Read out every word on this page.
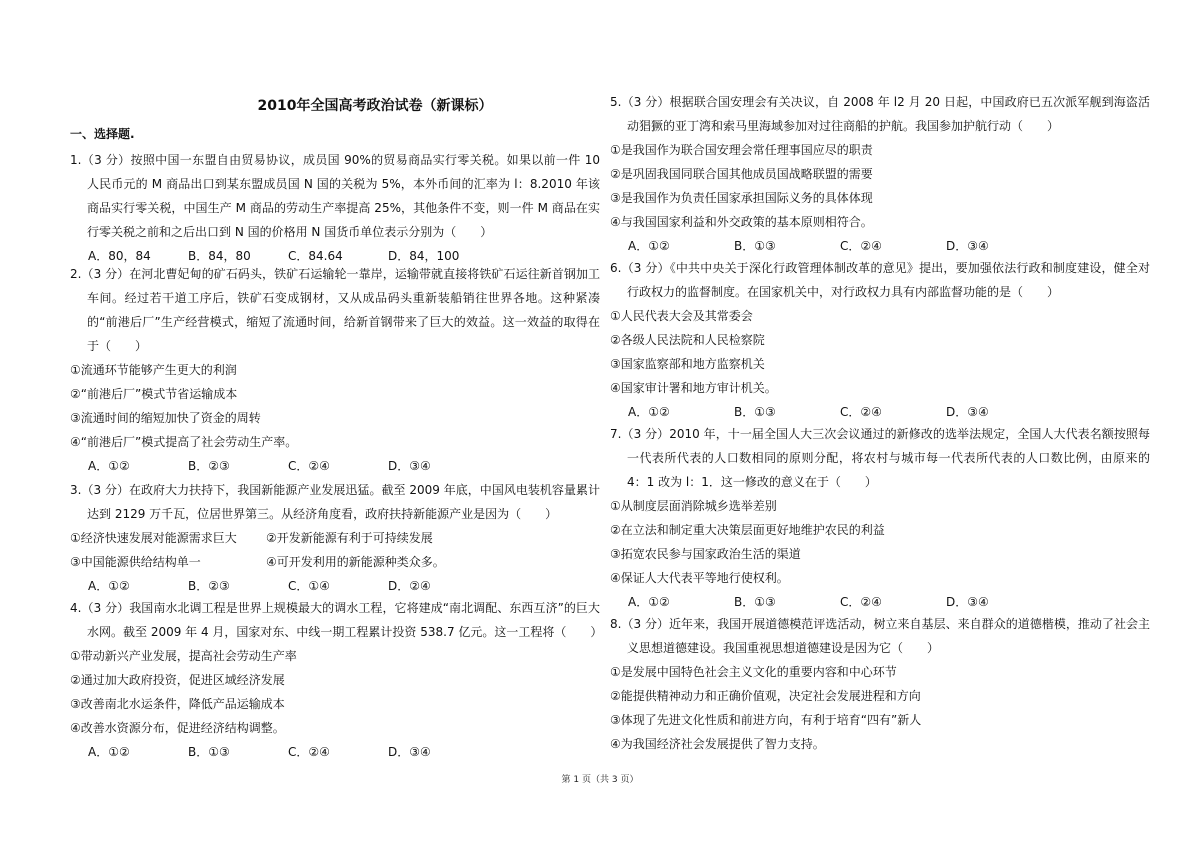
2010年全国高考政治试卷（新课标）
一、选择题.
1.（3 分）按照中国一东盟自由贸易协议，成员国 90%的贸易商品实行零关税。如果以前一件 10 人民币元的 M 商品出口到某东盟成员国 N 国的关税为 5%，本外币间的汇率为 l：8.2010 年该商品实行零关税，中国生产 M 商品的劳动生产率提高 25%，其他条件不变，则一件 M 商品在实行零关税之前和之后出口到 N 国的价格用 N 国货币单位表示分别为（　　）
A．80，84	B．84，80	C．84.64	D．84，100
2.（3 分）在河北曹妃甸的矿石码头，铁矿石运输轮一靠岸，运输带就直接将铁矿石运往新首钢加工车间。经过若干道工序后，铁矿石变成钢材，又从成品码头重新装船销往世界各地。这种紧凑的“前港后厂”生产经营模式，缩短了流通时间，给新首钢带来了巨大的效益。这一效益的取得在于（　　）
①流通环节能够产生更大的利润
②“前港后厂”模式节省运输成本
③流通时间的缩短加快了资金的周转
④“前港后厂”模式提高了社会劳动生产率。
A．①②	B．②③	C．②④	D．③④
3.（3 分）在政府大力扶持下，我国新能源产业发展迅猛。截至 2009 年底，中国风电装机容量累计达到 2129 万千瓦，位居世界第三。从经济角度看，政府扶持新能源产业是因为（　　）
①经济快速发展对能源需求巨大 ②开发新能源有利于可持续发展
③中国能源供给结构单一	④可开发利用的新能源种类众多。
A．①②	B．②③	C．①④	D．②④
4.（3 分）我国南水北调工程是世界上规模最大的调水工程，它将建成“南北调配、东西互济”的巨大水网。截至 2009 年 4 月，国家对东、中线一期工程累计投资 538.7 亿元。这一工程将（　　）
①带动新兴产业发展，提高社会劳动生产率
②通过加大政府投资，促进区域经济发展
③改善南北水运条件，降低产品运输成本
④改善水资源分布，促进经济结构调整。
A．①②	B．①③	C．②④	D．③④
5.（3 分）根据联合国安理会有关决议，自 2008 年 l2 月 20 日起，中国政府已五次派军舰到海盗活动猖獗的亚丁湾和索马里海域参加对过往商船的护航。我国参加护航行动（　　）
①是我国作为联合国安理会常任理事国应尽的职责
②是巩固我国同联合国其他成员国战略联盟的需要
③是我国作为负责任国家承担国际义务的具体体现
④与我国国家利益和外交政策的基本原则相符合。
A．①②	B．①③	C．②④	D．③④
6.（3 分）《中共中央关于深化行政管理体制改革的意见》提出，要加强依法行政和制度建设，健全对行政权力的监督制度。在国家机关中，对行政权力具有内部监督功能的是（　　）
①人民代表大会及其常委会
②各级人民法院和人民检察院
③国家监察部和地方监察机关
④国家审计署和地方审计机关。
A．①②	B．①③	C．②④	D．③④
7.（3 分）2010 年，十一届全国人大三次会议通过的新修改的选举法规定，全国人大代表名额按照每一代表所代表的人口数相同的原则分配，将农村与城市每一代表所代表的人口数比例，由原来的 4：1 改为 l：1．这一修改的意义在于（　　）
①从制度层面消除城乡选举差别
②在立法和制定重大决策层面更好地维护农民的利益
③拓宽农民参与国家政治生活的渠道
④保证人大代表平等地行使权利。
A．①②	B．①③	C．②④	D．③④
8.（3 分）近年来，我国开展道德模范评选活动，树立来自基层、来自群众的道德楷模，推动了社会主义思想道德建设。我国重视思想道德建设是因为它（　　）
①是发展中国特色社会主义文化的重要内容和中心环节
②能提供精神动力和正确价值观，决定社会发展进程和方向
③体现了先进文化性质和前进方向，有利于培育“四有”新人
④为我国经济社会发展提供了智力支持。
第 1 页（共 3 页）
